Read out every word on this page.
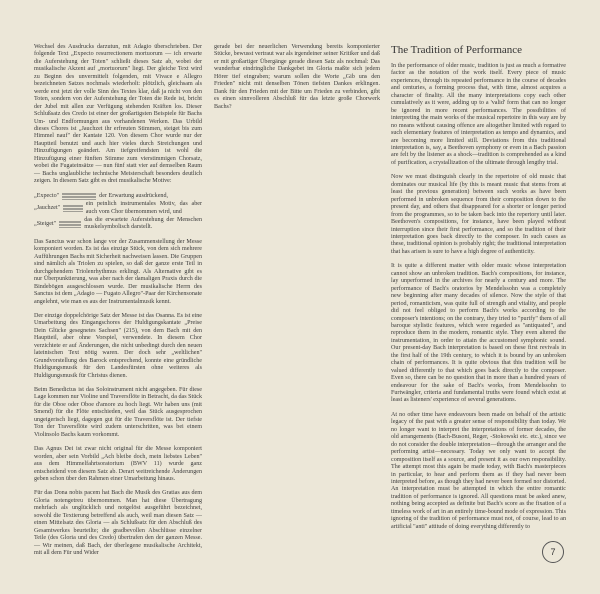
Wechsel des Ausdrucks darzutun, mit Adagio überschrieben. Der folgende Text „Expecto resurrectionem mortuorum — ich erwarte die Auferstehung der Toten" schließt dieses Satz ab, wobei der musikalische Akzent auf „mortuorum" liegt. Der gleiche Text wird zu Beginn des unvermittelt folgenden, mit Vivace e Allegro bezeichneten Satzes nochmals wiederholt: plötzlich, gleichsam als werde erst jetzt der volle Sinn des Textes klar, daß ja nicht von den Toten, sondern von der Auferstehung der Toten die Rede ist, bricht der Jubel mit allen zur Verfügung stehenden Kräften los. Dieser Schlußsatz des Credo ist einer der großartigsten Beispiele für Bachs Um- und Endformungen aus vorhandenen Werken. Das Urbild dieses Chores ist „Jauchzet ihr erfreuten Stimmen, steiget bis zum Himmel nauf" der Kantate 120. Von diesem Chor wurde nur der Hauptteil benutzt und auch hier vieles durch Streichungen und Hinzufügungen geändert. Am tiefgreifendsten ist wohl die Hinzufügung einer fünften Stimme zum vierstimmigen Chorsatz, wobei die Fugateinsätze — nun fünf statt vier auf demselben Raum — Bachs unglaubliche technische Meisterschaft besonders deutlich zeigen. In diesem Satz gibt es drei musikalische Motive:

„Expecto"	der Erwartung ausdrückend,
„Jauchzet"
ein peinlich instrumentales Motiv, das aber auch vom Chor übernommen wird, und
„Steiget"
das die erwartete Auferstehung der Menschen muskelsymbolisch darstellt.

Das Sanctus war schon lange vor der Zusammenstellung der Messe komponiert worden. Es ist das einzige Stück, von dem sich mehrere Aufführungen Bachs mit Sicherheit nachweisen lassen. Die Gruppen sind nämlich als Triolen zu spielen, so daß der ganze erste Teil in durchgehendem Triolenrhythmus erklingt. Als Alternative gibt es nur Überpunktierung, was aber nach der damaligen Praxis durch die Bindebögen ausgeschlossen wurde. Der musikalische Herrn des Sanctus ist dem „Adagio — Fugato Allegro"-Paar der Kirchensonate angelehnt, wie man es aus der Instrumentalmusik kennt.

Der einzige doppelchörige Satz der Messe ist das Osanna. Es ist eine Umarbeitung des Eingangschores der Huldigungskantate „Preise Dein Glücke gesegnetes Sachsen" (215), von dem Bach mit den Hauptteil, aber ohne Vorspiel, verwendete. In diesem Chor verzichtete er auf Änderungen, die nicht unbedingt durch den neuen lateinischen Text nötig waren. Der doch sehr „weltlichen" Grundvorstellung des Barock entsprechend, konnte eine gründliche Huldigungsmusik für den Landesfürsten ohne weiteres als Huldigungsmusik für Christus dienen.

Beim Benedictus ist das Soloinstrument nicht angegeben. Für diese Lage kommen nur Violine und Traversflöte in Betracht, da das Stück für die Oboe oder Oboe d'amore zu hoch liegt. Wir haben uns (mit Smend) für die Flöte entschieden, weil das Stück ausgesprochen ungeigerisch liegt, dagegen gut für die Traversflöte ist. Der tiefste Ton der Traversflöte wird zudem unterschritten, was bei einem Violinsolo Bachs kaum vorkommt.

Das Agnus Dei ist zwar nicht original für die Messe komponiert worden, aber sein Vorbild „Ach bleibe doch, mein liebstes Leben" aus dem Himmelfahrtsoratorium (BWV 11) wurde ganz entscheidend von diesem Satz ab. Derart weitreichende Änderungen geben schon über den Rahmen einer Umarbeitung hinaus.

Für das Dona nobis pacem hat Bach die Musik des Gratias aus dem Gloria notengetreu übernommen. Man hat diese Übertragung mehrfach als unglücklich und notgelöst ausgeführt bezeichnet, sowohl die Textierung betreffend als auch, weil man diesen Satz — einen Mittelsatz des Gloria — als Schlußsatz für den Abschluß des Gesamtwerkes beurteilte; die gradbevollen Abschlüsse einzelner Teile (des Gloria und des Credo) übertrafen den der ganzen Messe. — Wir meinen, daß Bach, der überlegene musikalische Architekt, mit all dem Für und Wider

gerade bei der neuerlichen Verwendung bereits komponierter Stücke, bewusst vertraut war als irgendeiner seiner Kritiker und daß er mit großartiger Übergänge gerade diesen Satz als nochmal: Das wunderbar eindringliche Dankgebet im Gloria maßte sich jedem Hörer tief eingraben; warum sollen die Worte „Gib uns den Frieden" nicht mit denselben Tönen tiefsten Dankes erklingen. Dank für den Frieden mit der Bitte um Frieden zu verbinden, gibt es einen sinnvolleren Abschluß für das letzte große Chorwerk Bachs?

The Tradition of Performance

In the performance of older music, tradition is just as much a formative factor as the notation of the work itself. Every piece of music experiences, through its repeated performance in the course of decades and centuries, a forming process that, with time, almost acquires a character of finality. All the many interpretations copy each other cumulatively as it were, adding up to a 'valid' form that can no longer be ignored in more recent performances. The possibilities of interpreting the main works of the musical repertoire in this way are by no means without causing offence are altogether limited with regard to such elementary features of interpretation as tempo and dynamics, and are becoming more limited still. Deviations from this traditional interpretation is, say, a Beethoven symphony or even in a Bach passion are felt by the listener as a shock—tradition is comprehended as a kind of purification, a crystallization of the ultimate through lengthy trial.

Now we must distinguish clearly in the repertoire of old music that dominates our musical life (by this is meant music that stems from at least the previous generation) between such works as have been performed in unbroken sequence from their composition down to the present day, and others that disappeared for a shorter or longer period from the programmes, so to be taken back into the repertory until later. Beethoven's compositions, for instance, have been played without interruption since their first performance, and so the tradition of their interpretation goes back directly to the composer. In such cases as these, traditional opinion is probably right; the traditional interpretation that has arisen is sure to have a high degree of authenticity.

It is quite a different matter with older music whose interpretation cannot show an unbroken tradition. Bach's compositions, for instance, lay unperformed in the archives for nearly a century and more. The performance of Bach's oratorios by Mendelssohn was a completely new beginning after many decades of silence. Now the style of that period, romanticism, was quite full of strength and vitality, and people did not feel obliged to perform Bach's works according to the composer's intentions; on the contrary, they tried to "purify" them of all baroque stylistic features, which were regarded as "antiquated", and reproduce them in the modern, romantic style. They even altered the instrumentation, in order to attain the accustomed symphonic sound. Our present-day Bach interpretation is based on these first revivals in the first half of the 19th century, to which it is bound by an unbroken chain of performances. It is quite obvious that this tradition will be valued differently to that which goes back directly to the composer. Even so, there can be no question that in more than a hundred years of endeavour for the sake of Bach's works, from Mendelssohn to Furtwängler, criteria and fundamental truths were found which exist at least as listeners' experience of several generations.

At no other time have endeavours been made on behalf of the artistic legacy of the past with a greater sense of responsibility than today. We no longer want to interpret the interpretations of former decades, the old arrangements (Bach-Busoni, Reger, -Stokowski etc. etc.), since we do not consider the double interpretation—through the arranger and the performing artist—necessary. Today we only want to accept the composition itself as a source, and present it as our own responsibility. The attempt most this again be made today, with Bach's masterpieces in particular, to hear and perform them as if they had never been interpreted before, as though they had never been formed nor distorted. An interpretation must be attempted in which the entire romantic tradition of performance is ignored. All questions must be asked anew, nothing being accepted as definite but Bach's score as the fixation of a timeless work of art in an entirely time-bound mode of expression. This ignoring of the tradition of performance must not, of course, lead to an artificial "anti" attitude of doing everything differently to

7
